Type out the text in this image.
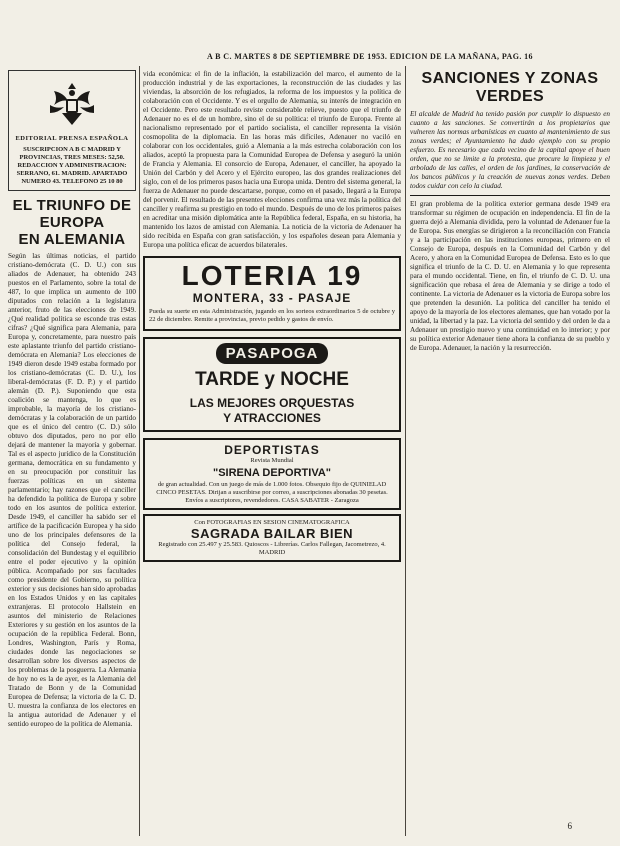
A B C. MARTES 8 DE SEPTIEMBRE DE 1953. EDICION DE LA MAÑANA, PAG. 16
EDITORIAL PRENSA ESPAÑOLA
SUSCRIPCION A B C MADRID Y PROVINCIAS, TRES MESES: 52,50. REDACCION Y ADMINISTRACION: SERRANO, 61. MADRID. APARTADO NUMERO 43. TELEFONO 25 10 80
EL TRIUNFO DE EUROPA
EN ALEMANIA

Según las últimas noticias, el partido cristiano-demócrata (C. D. U.) con sus aliados de Adenauer, ha obtenido 243 puestos en el Parlamento, sobre la total de 487, lo que implica un aumento de 100 diputados con relación a la legislatura anterior, fruto de las elecciones de 1949. ¿Qué realidad política se esconde tras estas cifras? ¿Qué significa para Alemania, para Europa y, concretamente, para nuestro país este aplastante triunfo del partido cristiano-demócrata en Alemania? Los elecciones de 1949 dieron desde 1949 estaba formado por los cristiano-demócratas (C. D. U.), los liberal-demócratas (F. D. P.) y el partido alemán (D. P.). Suponiendo que esta coalición se mantenga, lo que es improbable, la mayoría de los cristiano-demócratas y la colaboración de un partido que es el único del centro (C. D.) sólo obtuvo dos diputados, pero no por ello dejará de mantener la mayoría y gobernar. Tal es el aspecto jurídico de la Constitución germana, democrática en su fundamento y en su preocupación por constituir las fuerzas políticas en un sistema parlamentario; hay razones que el canciller ha defendido la política de Europa y sobre todo en los asuntos de política exterior. Desde 1949, el canciller ha sabido ser el artífice de la pacificación Europea y ha sido uno de los principales defensores de la política del Consejo federal, la consolidación del Bundestag y el equilibrio entre el poder ejecutivo y la opinión pública. Acompañado por sus facultades como presidente del Gobierno, su política exterior y sus decisiones han sido aprobadas en los Estados Unidos y en las capitales extranjeras. El protocolo Hallstein en asuntos del ministerio de Relaciones Exteriores y su gestión en los asuntos de la ocupación de la república Federal. Bonn, Londres, Washington, París y Roma, ciudades donde las negociaciones se desarrollan sobre los diversos aspectos de los problemas de la posguerra. La Alemania de hoy no es la de ayer, es la Alemania del Tratado de Bonn y de la Comunidad Europea de Defensa; la victoria de la C. D. U. muestra la confianza de los electores en la antigua autoridad de Adenauer y el sentido europeo de la política de Alemania.

vida económica: el fin de la inflación, la estabilización del marco, el aumento de la producción industrial y de las exportaciones, la reconstrucción de las ciudades y las viviendas, la absorción de los refugiados, la reforma de los impuestos y la política de colaboración con el Occidente. Y es el orgullo de Alemania, su interés de integración en el Occidente. Pero este resultado reviste considerable relieve, puesto que el triunfo de Adenauer no es el de un hombre, sino el de su política: el triunfo de Europa. Frente al nacionalismo representado por el partido socialista, el canciller representa la visión cosmopolita de la diplomacia. En las horas más difíciles, Adenauer no vaciló en colaborar con los occidentales, guió a Alemania a la más estrecha colaboración con los aliados, aceptó la propuesta para la Comunidad Europea de Defensa y aseguró la unión de Francia y Alemania. El consorcio de Europa, Adenauer, el canciller, ha apoyado la Unión del Carbón y del Acero y el Ejército europeo, las dos grandes realizaciones del siglo, con el de los primeros pasos hacia una Europa unida. Dentro del sistema general, la fuerza de Adenauer no puede descartarse, porque, como en el pasado, llegará a la Europa del porvenir. El resultado de las presentes elecciones confirma una vez más la política del canciller y reafirma su prestigio en todo el mundo. Después de uno de los primeros países en acreditar una misión diplomática ante la República federal, España, en su historia, ha mantenido los lazos de amistad con Alemania. La noticia de la victoria de Adenauer ha sido recibida en España con gran satisfacción, y los españoles desean para Alemania y Europa una política eficaz de acuerdos bilaterales.

LOTERIA 19
MONTERA, 33 - PASAJE
Pueda su suerte en esta Administración, jugando en los sorteos extraordinarios 5 de octubre y 22 de diciembre. Remite a provincias, previo pedido y gastos de envío.
PASAPOGA
TARDE y NOCHE
LAS MEJORES ORQUESTAS
Y ATRACCIONES
DEPORTISTAS
Revista Mundial
"SIRENA DEPORTIVA"
de gran actualidad. Con un juego de más de 1.000 fotos. Obsequio fijo de QUINIELAD CINCO PESETAS. Dirijan a suscribirse por correo, a suscripciones abonadas 30 pesetas. Envíos a suscriptores, revendedores. CASA SABATER - Zaragoza
Con FOTOGRAFIAS EN SESION CINEMATOGRAFICA
SAGRADA BAILAR BIEN
Registrado con 25.497 y 25.583. Quioscos - Librerías. Carlos Fallegan, Jacometrezo, 4. MADRID
SANCIONES Y ZONAS
VERDES

El alcalde de Madrid ha tenido pasión por cumplir lo dispuesto en cuanto a las sanciones. Se convertirán a los propietarios que vulneren las normas urbanísticas en cuanto al mantenimiento de sus zonas verdes; el Ayuntamiento ha dado ejemplo con su propio esfuerzo. Es necesario que cada vecino de la capital apoye el buen orden, que no se limite a la protesta, que procure la limpieza y el arbolado de las calles, el orden de los jardines, la conservación de los bancos públicos y la creación de nuevas zonas verdes. Deben todos cuidar con celo la ciudad.

El gran problema de la política exterior germana desde 1949 era transformar su régimen de ocupación en independencia. El fin de la guerra dejó a Alemania dividida, pero la voluntad de Adenauer fue la de Europa. Sus energías se dirigieron a la reconciliación con Francia y a la participación en las instituciones europeas, primero en el Consejo de Europa, después en la Comunidad del Carbón y del Acero, y ahora en la Comunidad Europea de Defensa. Esto es lo que significa el triunfo de la C. D. U. en Alemania y lo que representa para el mundo occidental. Tiene, en fin, el triunfo de C. D. U. una significación que rebasa el área de Alemania y se dirige a todo el continente. La victoria de Adenauer es la victoria de Europa sobre los que pretenden la desunión. La política del canciller ha tenido el apoyo de la mayoría de los electores alemanes, que han votado por la unidad, la libertad y la paz. La victoria del sentido y del orden le da a Adenauer un prestigio nuevo y una continuidad en lo interior; y por su política exterior Adenauer tiene ahora la confianza de su pueblo y de Europa. Adenauer, la nación y la resurrección.

6
